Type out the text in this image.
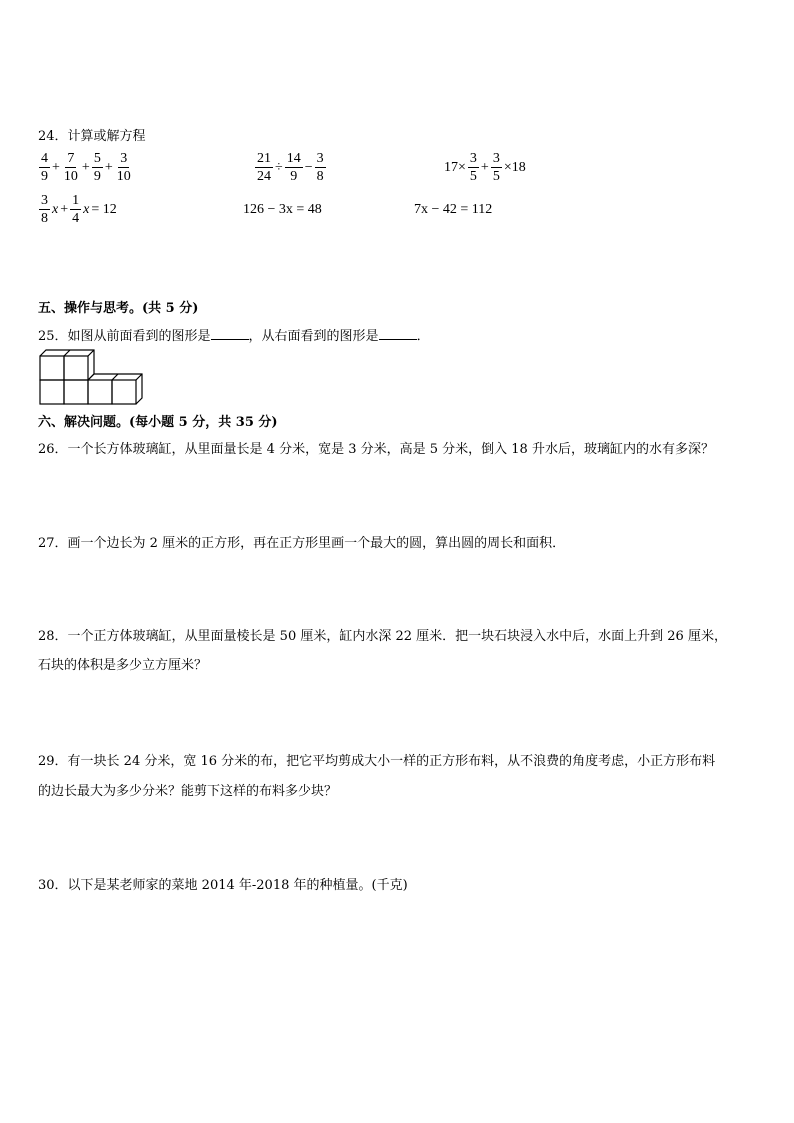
24．计算或解方程
$\frac{4}{9} + \frac{7}{10} + \frac{5}{9} + \frac{3}{10}$	$\frac{21}{24} \div \frac{14}{9} - \frac{3}{8}$	$17\times \frac{3}{5} + \frac{3}{5} \times 18$
$\frac{3}{8}$ $x + \frac{1}{4} x= 12$	126 − 3x = 48	7x − 42 = 112
五、操作与思考。(共 5 分)
25．如图从前面看到的图形是	，从右面看到的图形是	．
六、解决问题。(每小题 5 分，共 35 分)
26．一个长方体玻璃缸，从里面量长是 4 分米，宽是 3 分米，高是 5 分米，倒入 18 升水后，玻璃缸内的水有多深？
27．画一个边长为 2 厘米的正方形，再在正方形里画一个最大的圆，算出圆的周长和面积．
28．一个正方体玻璃缸，从里面量棱长是 50 厘米，缸内水深 22 厘米．把一块石块浸入水中后，水面上升到 26 厘米，
石块的体积是多少立方厘米？
29．有一块长 24 分米，宽 16 分米的布，把它平均剪成大小一样的正方形布料，从不浪费的角度考虑，小正方形布料
的边长最大为多少分米？能剪下这样的布料多少块？
30．以下是某老师家的菜地 2014 年-2018 年的种植量。(千克)
